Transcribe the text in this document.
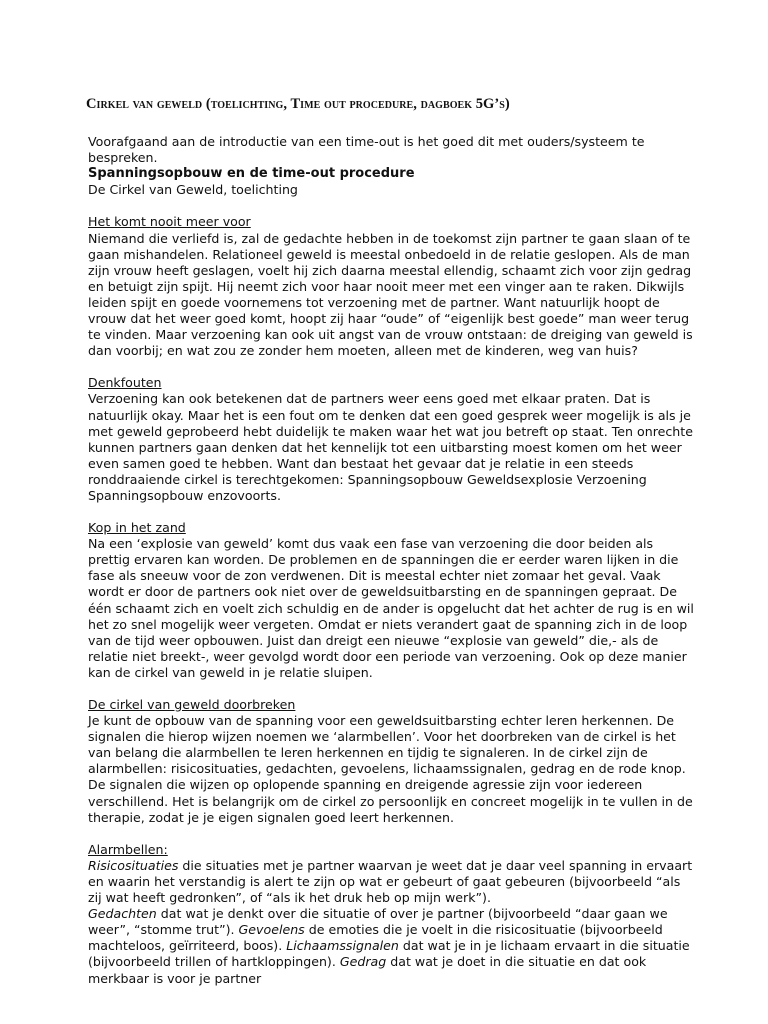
Cirkel van geweld (toelichting, Time out procedure, dagboek 5G’s)
Voorafgaand aan de introductie van een time-out is het goed dit met ouders/systeem te bespreken.
Spanningsopbouw en de time-out procedure
De Cirkel van Geweld, toelichting
Het komt nooit meer voor
Niemand die verliefd is, zal de gedachte hebben in de toekomst zijn partner te gaan slaan of te gaan mishandelen. Relationeel geweld is meestal onbedoeld in de relatie geslopen. Als de man zijn vrouw heeft geslagen, voelt hij zich daarna meestal ellendig, schaamt zich voor zijn gedrag en betuigt zijn spijt. Hij neemt zich voor haar nooit meer met een vinger aan te raken. Dikwijls leiden spijt en goede voornemens tot verzoening met de partner. Want natuurlijk hoopt de vrouw dat het weer goed komt, hoopt zij haar “oude” of “eigenlijk best goede” man weer terug te vinden. Maar verzoening kan ook uit angst van de vrouw ontstaan: de dreiging van geweld is dan voorbij; en wat zou ze zonder hem moeten, alleen met de kinderen, weg van huis?
Denkfouten
Verzoening kan ook betekenen dat de partners weer eens goed met elkaar praten. Dat is natuurlijk okay. Maar het is een fout om te denken dat een goed gesprek weer mogelijk is als je met geweld geprobeerd hebt duidelijk te maken waar het wat jou betreft op staat. Ten onrechte kunnen partners gaan denken dat het kennelijk tot een uitbarsting moest komen om het weer even samen goed te hebben. Want dan bestaat het gevaar dat je relatie in een steeds ronddraaiende cirkel is terechtgekomen: Spanningsopbouw Geweldsexplosie Verzoening Spanningsopbouw enzovoorts.
Kop in het zand
Na een ‘explosie van geweld’ komt dus vaak een fase van verzoening die door beiden als prettig ervaren kan worden. De problemen en de spanningen die er eerder waren lijken in die fase als sneeuw voor de zon verdwenen. Dit is meestal echter niet zomaar het geval. Vaak wordt er door de partners ook niet over de geweldsuitbarsting en de spanningen gepraat. De één schaamt zich en voelt zich schuldig en de ander is opgelucht dat het achter de rug is en wil het zo snel mogelijk weer vergeten. Omdat er niets verandert gaat de spanning zich in de loop van de tijd weer opbouwen. Juist dan dreigt een nieuwe “explosie van geweld” die,- als de relatie niet breekt-, weer gevolgd wordt door een periode van verzoening. Ook op deze manier kan de cirkel van geweld in je relatie sluipen.
De cirkel van geweld doorbreken
Je kunt de opbouw van de spanning voor een geweldsuitbarsting echter leren herkennen. De signalen die hierop wijzen noemen we ‘alarmbellen’. Voor het doorbreken van de cirkel is het van belang die alarmbellen te leren herkennen en tijdig te signaleren. In de cirkel zijn de alarmbellen: risicosituaties, gedachten, gevoelens, lichaamssignalen, gedrag en de rode knop. De signalen die wijzen op oplopende spanning en dreigende agressie zijn voor iedereen verschillend. Het is belangrijk om de cirkel zo persoonlijk en concreet mogelijk in te vullen in de therapie, zodat je je eigen signalen goed leert herkennen.
Alarmbellen:
Risicosituaties die situaties met je partner waarvan je weet dat je daar veel spanning in ervaart en waarin het verstandig is alert te zijn op wat er gebeurt of gaat gebeuren (bijvoorbeeld “als zij wat heeft gedronken”, of “als ik het druk heb op mijn werk”).
Gedachten dat wat je denkt over die situatie of over je partner (bijvoorbeeld “daar gaan we weer”, “stomme trut”). Gevoelens de emoties die je voelt in die risicosituatie (bijvoorbeeld machteloos, geïrriteerd, boos). Lichaamssignalen dat wat je in je lichaam ervaart in die situatie (bijvoorbeeld trillen of hartkloppingen). Gedrag dat wat je doet in die situatie en dat ook merkbaar is voor je partner
